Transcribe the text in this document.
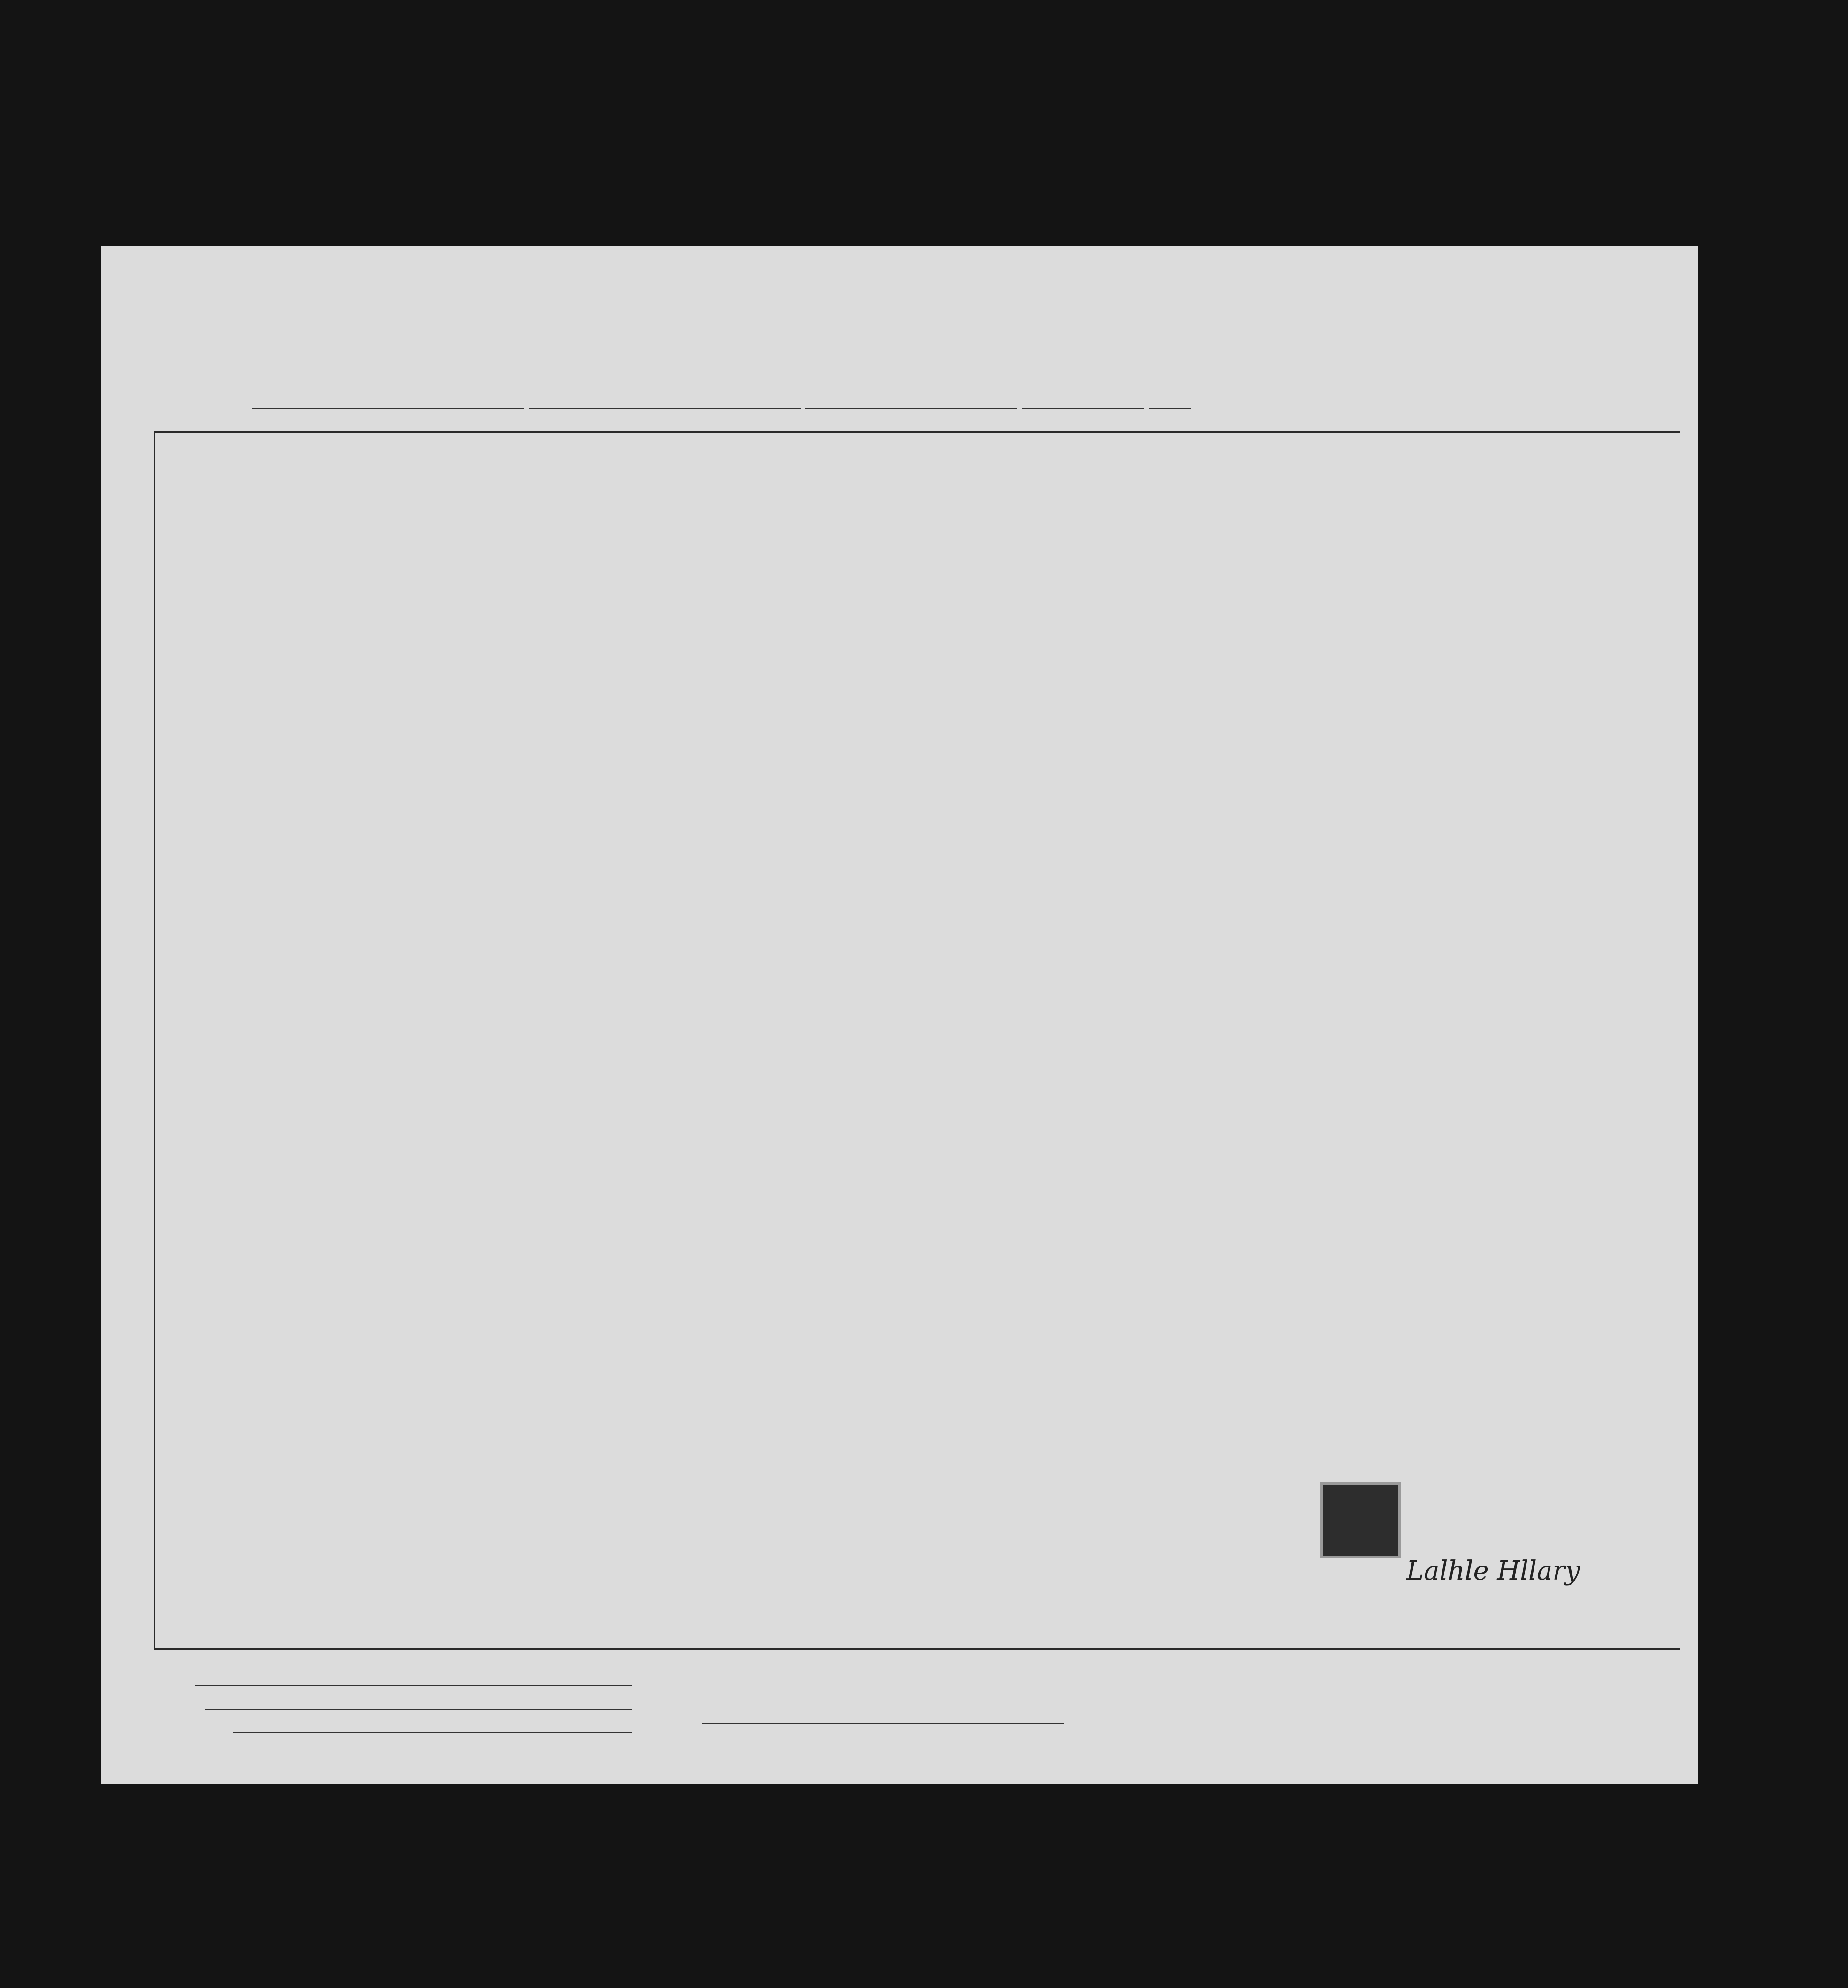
Lalhle Hllary
